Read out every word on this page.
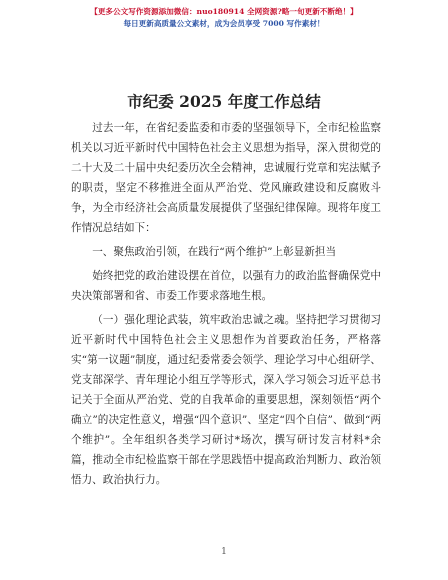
【更多公文写作资源添加微信：nuo180914 全网资源?略一旬更新不断绝！】
每日更新高质量公文素材，成为会员享受 7000 写作素材！
市纪委 2025 年度工作总结

过去一年，在省纪委监委和市委的坚强领导下，全市纪检监察机关以习近平新时代中国特色社会主义思想为指导，深入贯彻党的二十大及二十届中央纪委历次全会精神，忠诚履行党章和宪法赋予的职责，坚定不移推进全面从严治党、党风廉政建设和反腐败斗争，为全市经济社会高质量发展提供了坚强纪律保障。现将年度工作情况总结如下：

一、聚焦政治引领，在践行“两个维护”上彰显新担当

始终把党的政治建设摆在首位，以强有力的政治监督确保党中央决策部署和省、市委工作要求落地生根。

（一）强化理论武装，筑牢政治忠诚之魂。坚持把学习贯彻习近平新时代中国特色社会主义思想作为首要政治任务，严格落实“第一议题”制度，通过纪委常委会领学、理论学习中心组研学、党支部深学、青年理论小组互学等形式，深入学习领会习近平总书记关于全面从严治党、党的自我革命的重要思想，深刻领悟“两个确立”的决定性意义，增强“四个意识”、坚定“四个自信”、做到“两个维护”。全年组织各类学习研讨*场次，撰写研讨发言材料*余篇，推动全市纪检监察干部在学思践悟中提高政治判断力、政治领悟力、政治执行力。

1
